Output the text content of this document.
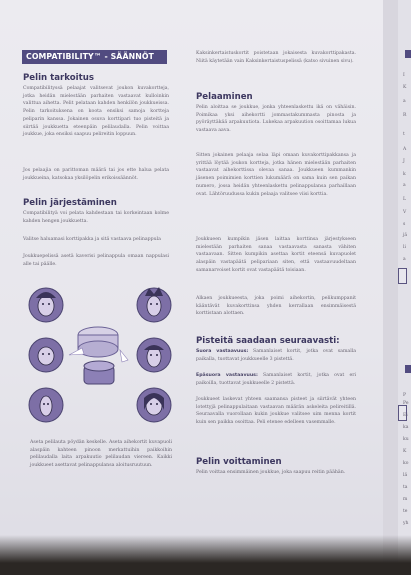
COMPATIBILITY™ - SÄÄNNÖT
Pelin tarkoitus

Compatibilityssä pelaajat valitsevat joukon kuvakortteja, jotka heidän mielestään parhaiten vastaavat kulloinkin valittua aihetta. Pelit pelataan kahden henkilön joukkueissa. Pelin tarkoituksena on koota ensiksi samoja kortteja peliparin kanssa. Jokainen osuva korttipari tuo pisteitä ja siirtää joukkuetta eteenpäin pelilaudalla. Pelin voittaa joukkue, joka ensiksi saapuu pelireitin loppuun.

Jos pelaajia on parittoman määrä tai jos ette halua pelata joukkueina, katsokaa yksilöpelin erikoissäännöt.

Pelin järjestäminen

Compatibilityä voi pelata kahdestaan tai korkeintaan kolme kahden hengen joukkuetta.

Valitse haluamasi korttipakka ja sitä vastaava pelinappula

Joukkuepelissä asetä kaverisi pelinappula omaan nappulasi alle tai päälle.

Aseta pelilauta pöydän keskelle. Aseta aihekortit kuvapuoli alaspäin kahteen pinoon merkattuihin paikkoihin pelilaudalla laita arpakuutio pelilaudan viereen. Kaikki joukkueet asettavat pelinappulansa aloitusruutuun.

Kaksinkertaistuskortit poistetaan jokaisesta kuvakorttipakasta. Niitä käytetään vain Kaksinkertaistuspelissä (katso sivuinen sivu).

Pelaaminen

Pelin aloittaa se joukkue, jonka yhteenlaskettu ikä on vähäisin. Poimikaa yksi aihekortti jommastakummasta pinosta ja pyöräyttäkää arpakuutiota. Lukekaa arpakuution osoittamaa lukua vastaava aava.

Sitten jokainen pelaaja selaa läpi omaan kuvakorttipakkansa ja yrittää löytää joukon kortteja, jotka hänen mielestään parhaiten vastaavat aihekorttissa olevaa sanaa. Joukkueen kummankin jäsenen poimimien korttien lukumäärä on sama kuin sen paikan numero, jossa heidän yhteenlaskettu pelinappulansa parhaillaan ovat. Lähtöruudussa kukin pelaaja valitsee viisi korttia.

Joukkueen kumpikin jäsen laittaa korttinsa järjestykseen mielestään parhaiten sanaa vastaavasta sanasta vähiten vastaavaan. Sitten kumpikin asettaa kortit eteensä kuvapuolet alaspäin vastapäätä pelipariaan siten, että vastaavuudeltaan samanarvoiset kortit ovat vastapäätä toisiaan.

Alkaen joukkueesta, joka poimi aihekortin, pelikumppanit kääntävät kuvakorttinsa yhden kerrallaan ensimmäisestä korttistaan alottaen.

Pisteitä saadaan seuraavasti:
Suora vastaavuus: Samanlaiset kortit, jotka ovat samalla paikalla, tuottavat joukkueelle 3 pistettä.
Epäsuora vastaavuus: Samanlaiset kortit, jotka ovat eri paikoilla, tuottavat joukkueelle 2 pistettä.

Joukkueet laskevat yhteen saamansa pisteet ja siirtävät yhteen lotettyjä pelinappulaitaan vastaavan määrän askeleita pelireitillä. Seuraavalla vuorollaan kukin joukkue valitsee uim menna kortit kuin sen paikka osoittaa. Peli etenee edelleen vasemmalle.

Pelin voittaminen

Pelin voittaa ensimmäinen joukkue, joka saapuu reitin päähän.

I
K
a
R
t
A
J
k
a
L
V
s
jä
li
a
P
Pe
Ei
ka
ku
K
ko
lä
ta
m
te
yh
